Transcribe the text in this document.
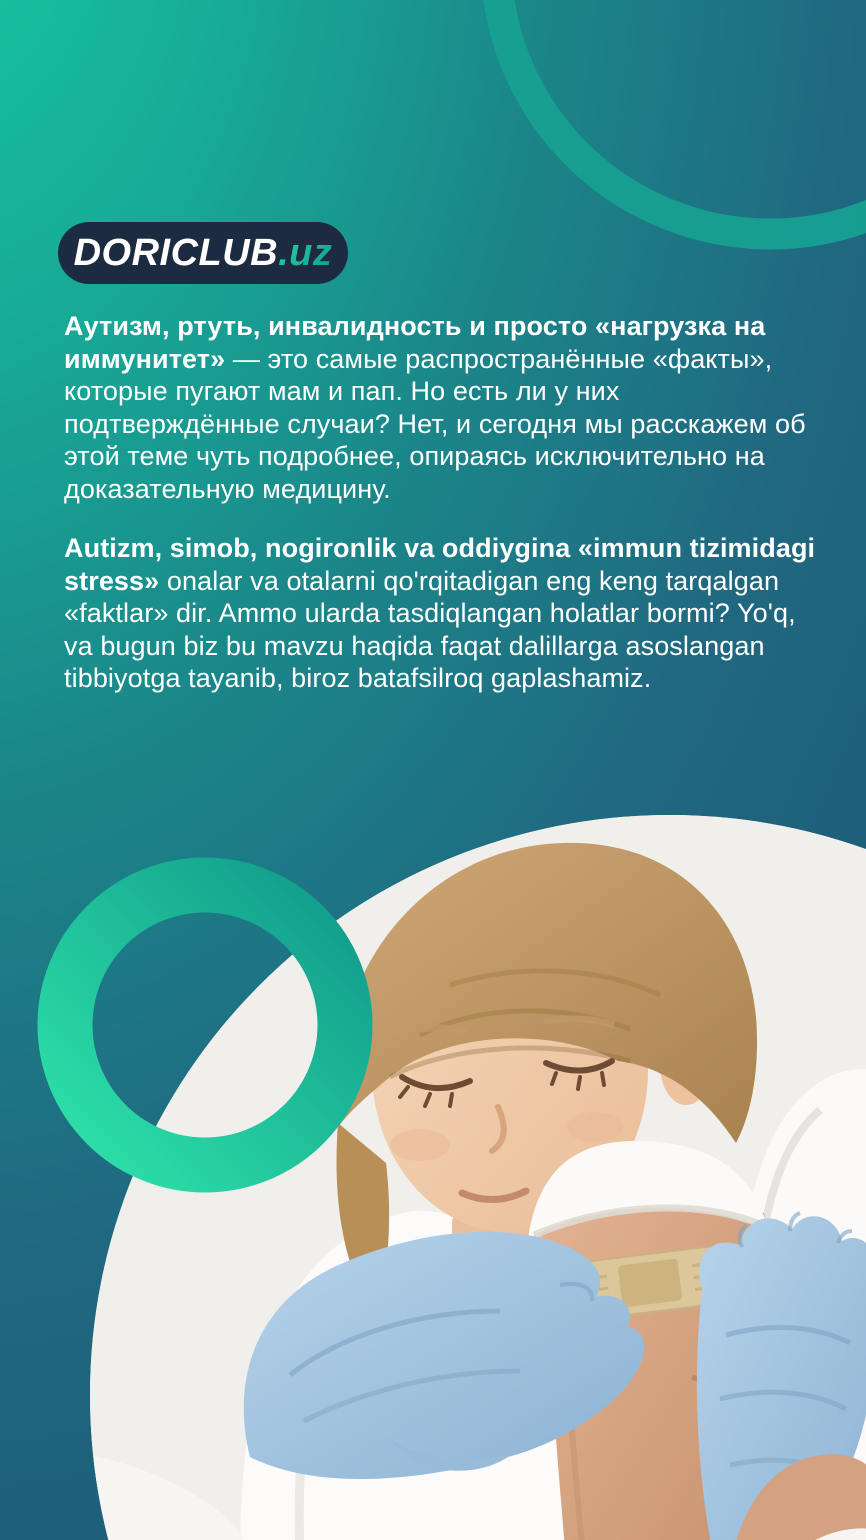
DORICLUB .uz

Аутизм, ртуть, инвалидность и просто «нагрузка на иммунитет» — это самые распространённые «факты», которые пугают мам и пап. Но есть ли у них подтверждённые случаи? Нет, и сегодня мы расскажем об этой теме чуть подробнее, опираясь исключительно на доказательную медицину.

Autizm, simob, nogironlik va oddiygina «immun tizimidagi stress» onalar va otalarni qo'rqitadigan eng keng tarqalgan «faktlar» dir. Ammo ularda tasdiqlangan holatlar bormi? Yo'q, va bugun biz bu mavzu haqida faqat dalillarga asoslangan tibbiyotga tayanib, biroz batafsilroq gaplashamiz.
